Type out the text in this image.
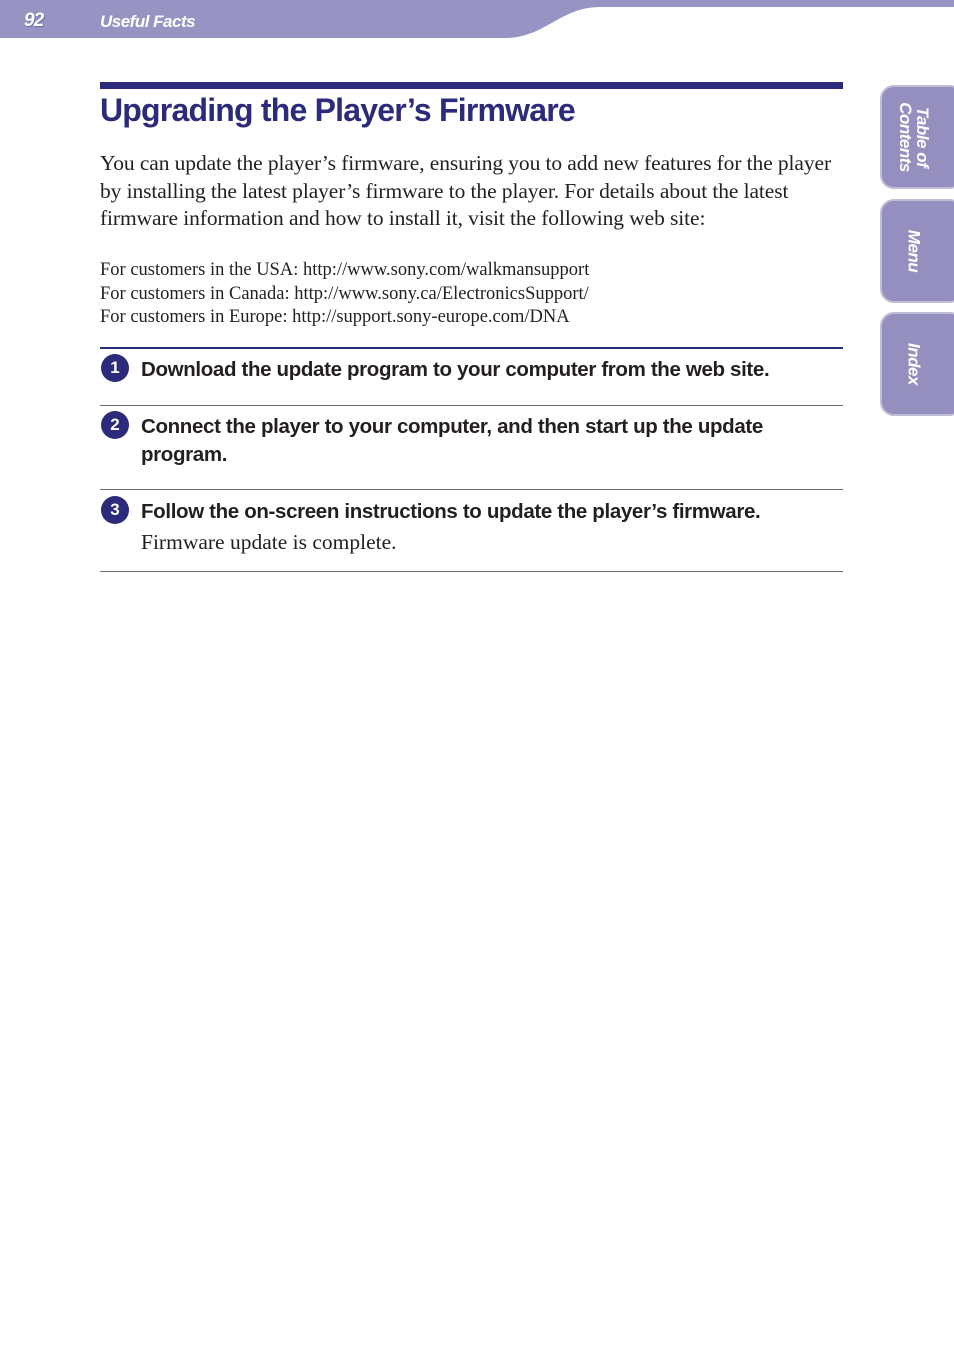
92	Useful Facts
Table of
Contents
Menu
Index
Upgrading the Player’s Firmware

You can update the player’s firmware, ensuring you to add new features for the player by installing the latest player’s firmware to the player. For details about the latest firmware information and how to install it, visit the following web site:

For customers in the USA: http://www.sony.com/walkmansupport

For customers in Canada: http://www.sony.ca/ElectronicsSupport/

For customers in Europe: http://support.sony-europe.com/DNA

1	Download the update program to your computer from the web site.

2	Connect the player to your computer, and then start up the update program.

3	Follow the on-screen instructions to update the player’s firmware.

Firmware update is complete.
